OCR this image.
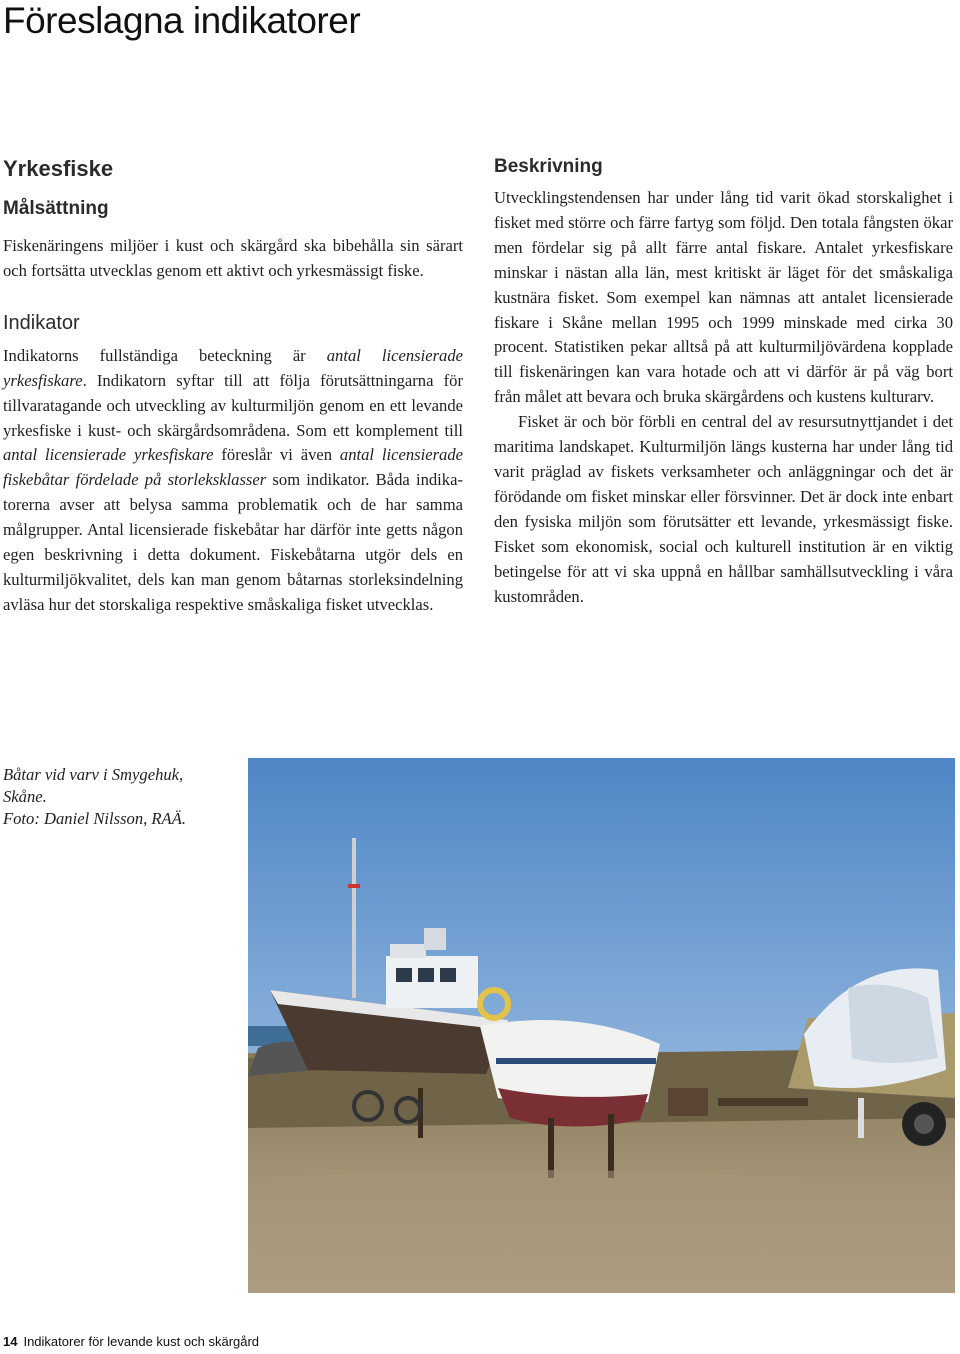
Föreslagna indikatorer
Yrkesfiske
Målsättning

Fiskenäringens miljöer i kust och skärgård ska bibehålla sin särart och fortsätta utvecklas genom ett aktivt och yrkesmässigt fiske.

Indikator

Indikatorns fullständiga beteckning är antal licensierade yrkesfiskare. Indikatorn syftar till att följa förutsättningarna för tillvaratagande och utveckling av kulturmiljön genom en ett levande yrkesfiske i kust- och skärgårdsområdena. Som ett komplement till antal licensierade yrkesfiskare föreslår vi även antal licensierade fiskebåtar fördelade på storleksklasser som indikator. Båda indikatorerna avser att belysa samma problematik och de har samma målgrupper. Antal licensierade fiskebåtar har därför inte getts någon egen beskrivning i detta dokument. Fiskebåtarna utgör dels en kulturmiljökvalitet, dels kan man genom båtarnas storleksindelning avläsa hur det storskaliga respektive småskaliga fisket utvecklas.

Beskrivning

Utvecklingstendensen har under lång tid varit ökad storskalighet i fisket med större och färre fartyg som följd. Den totala fångsten ökar men fördelar sig på allt färre antal fiskare. Antalet yrkesfiskare minskar i nästan alla län, mest kritiskt är läget för det småskaliga kustnära fisket. Som exempel kan nämnas att antalet licensierade fiskare i Skåne mellan 1995 och 1999 minskade med cirka 30 procent. Statistiken pekar alltså på att kulturmiljövärdena kopplade till fiskenäringen kan vara hotade och att vi därför är på väg bort från målet att bevara och bruka skärgårdens och kustens kulturarv.

Fisket är och bör förbli en central del av resursutnyttjandet i det maritima landskapet. Kulturmiljön längs kusterna har under lång tid varit präglad av fiskets verksamheter och anläggningar och det är förödande om fisket minskar eller försvinner. Det är dock inte enbart den fysiska miljön som förutsätter ett levande, yrkesmässigt fiske. Fisket som ekonomisk, social och kulturell institution är en viktig betingelse för att vi ska uppnå en hållbar samhällsutveckling i våra kustområden.

Båtar vid varv i Smygehuk,
Skåne.
Foto: Daniel Nilsson, RAÄ.
14 Indikatorer för levande kust och skärgård
